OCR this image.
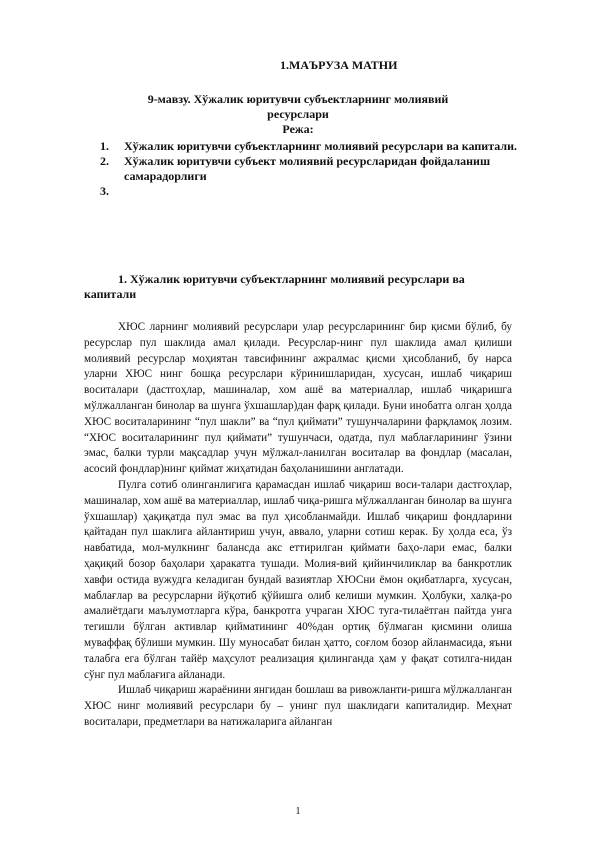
1.МАЪРУЗА МАТНИ
9-мавзу. Хўжалик юритувчи субъектларнинг молиявий
ресурслари
Режа:
1. Хўжалик юритувчи субъектларнинг молиявий ресурслари ва капитали.
2. Хўжалик юритувчи субъект молиявий ресурсларидан фойдаланиш самарадорлиги
3.

1. Хўжалик юритувчи субъектларнинг молиявий ресурслари ва
капитали

ХЮС ларнинг молиявий ресурслари улар ресурсларининг бир қисми бўлиб, бу ресурслар пул шаклида амал қилади. Ресурслар-нинг пул шаклида амал қилиши молиявий ресурслар моҳиятан тавсифининг ажралмас қисми ҳисобланиб, бу нарса уларни ХЮС нинг бошқа ресурслари кўринишларидан, хусусан, ишлаб чиқариш воситалари (дастгоҳлар, машиналар, хом ашё ва материаллар, ишлаб чиқаришга мўлжалланган бинолар ва шунга ўхшашлар)дан фарқ қилади. Буни инобатга олган ҳолда ХЮС воситаларининг “пул шакли” ва “пул қиймати” тушунчаларини фарқламоқ лозим. “ХЮС воситаларининг пул қиймати” тушунчаси, одатда, пул маблағларининг ўзини эмас, балки турли мақсадлар учун мўлжал-ланилган воситалар ва фондлар (масалан, асосий фондлар)нинг қиймат жиҳатидан баҳоланишини англатади.

Пулга сотиб олинганлигига қарамасдан ишлаб чиқариш воси-талари дастгоҳлар, машиналар, хом ашё ва материаллар, ишлаб чиқа-ришга мўлжалланган бинолар ва шунга ўхшашлар) ҳақиқатда пул эмас ва пул ҳисобланмайди. Ишлаб чиқариш фондларини қайтадан пул шаклига айлантириш учун, аввало, уларни сотиш керак. Бу ҳолда еса, ўз навбатида, мол-мулкнинг балансда акс еттирилган қиймати баҳо-лари емас, балки ҳақиқий бозор баҳолари ҳаракатга тушади. Молия-вий қийинчиликлар ва банкротлик хавфи остида вужудга келадиган бундай вазиятлар ХЮСни ёмон оқибатларга, хусусан, маблағлар ва ресурсларни йўқотиб қўйишга олиб келиши мумкин. Ҳолбуки, халқа-ро амалиётдаги маълумотларга кўра, банкротга учраган ХЮС туга-тилаётган пайтда унга тегишли бўлган активлар қийматининг 40%дан ортиқ бўлмаган қисмини олиша муваффақ бўлиши мумкин. Шу муносабат билан ҳатто, соғлом бозор айланмасида, яъни талабга ега бўлган тайёр маҳсулот реализация қилинганда ҳам у фақат сотилга-нидан сўнг пул маблағига айланади.

Ишлаб чиқариш жараёнини янгидан бошлаш ва ривожланти-ришга мўлжалланган ХЮС нинг молиявий ресурслари бу – унинг пул шаклидаги капиталидир. Меҳнат воситалари, предметлари ва натижаларига айланган

1
